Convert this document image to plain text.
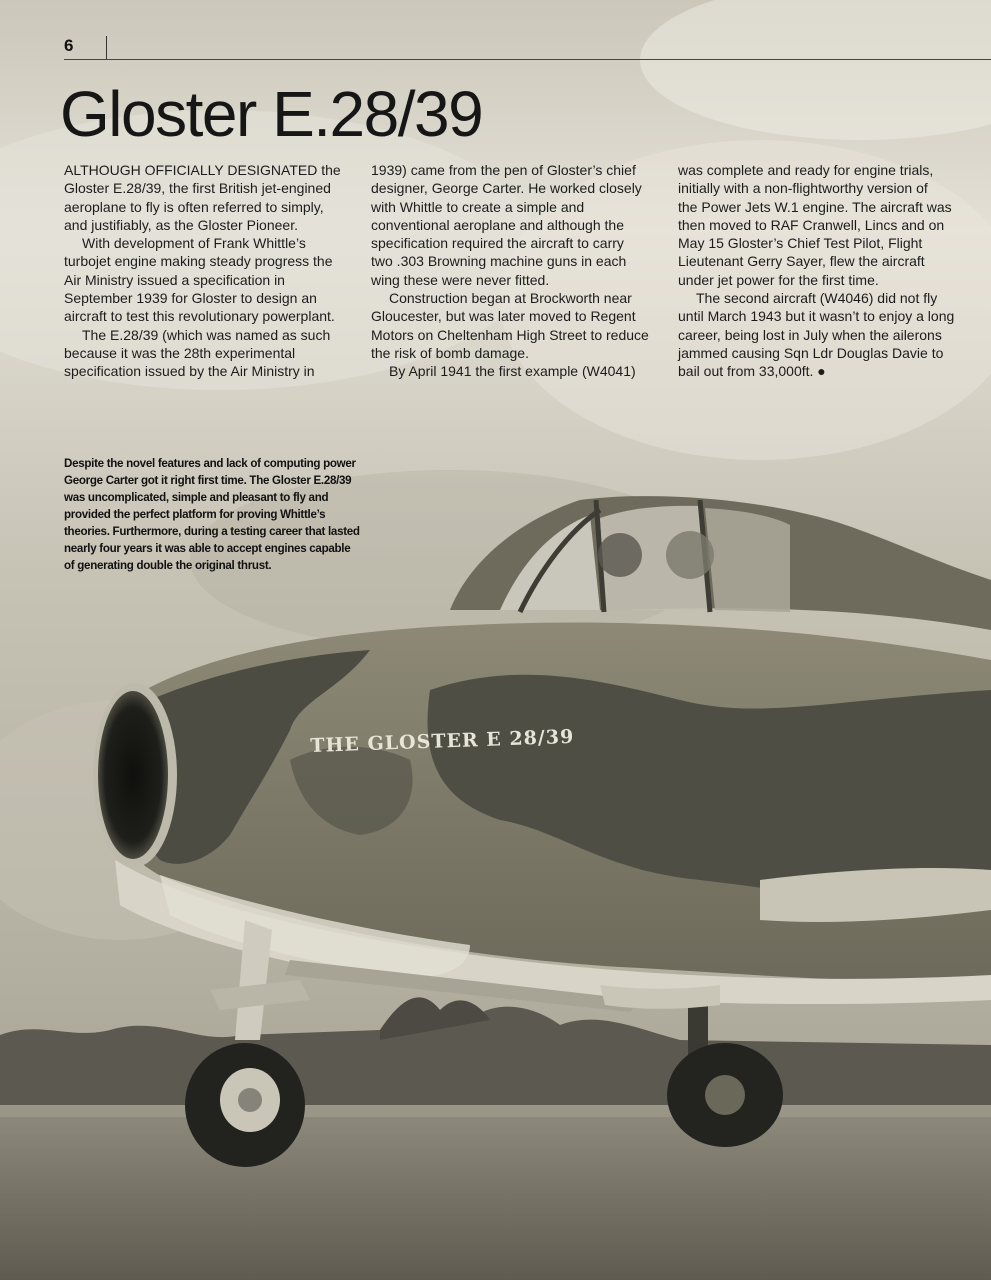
THE GLOSTER E 28/39
6
Gloster E.28/39

ALTHOUGH OFFICIALLY DESIGNATED the
Gloster E.28/39, the first British jet-engined
aeroplane to fly is often referred to simply,
and justifiably, as the Gloster Pioneer.

With development of Frank Whittle’s
turbojet engine making steady progress the
Air Ministry issued a specification in
September 1939 for Gloster to design an
aircraft to test this revolutionary powerplant.

The E.28/39 (which was named as such
because it was the 28th experimental
specification issued by the Air Ministry in

1939) came from the pen of Gloster’s chief
designer, George Carter. He worked closely
with Whittle to create a simple and
conventional aeroplane and although the
specification required the aircraft to carry
two .303 Browning machine guns in each
wing these were never fitted.

Construction began at Brockworth near
Gloucester, but was later moved to Regent
Motors on Cheltenham High Street to reduce
the risk of bomb damage.

By April 1941 the first example (W4041)

was complete and ready for engine trials,
initially with a non-flightworthy version of
the Power Jets W.1 engine. The aircraft was
then moved to RAF Cranwell, Lincs and on
May 15 Gloster’s Chief Test Pilot, Flight
Lieutenant Gerry Sayer, flew the aircraft
under jet power for the first time.

The second aircraft (W4046) did not fly
until March 1943 but it wasn’t to enjoy a long
career, being lost in July when the ailerons
jammed causing Sqn Ldr Douglas Davie to
bail out from 33,000ft. ●

Despite the novel features and lack of computing power George Carter got it right first time. The Gloster E.28/39 was uncomplicated, simple and pleasant to fly and provided the perfect platform for proving Whittle’s theories. Furthermore, during a testing career that lasted nearly four years it was able to accept engines capable of generating double the original thrust.
